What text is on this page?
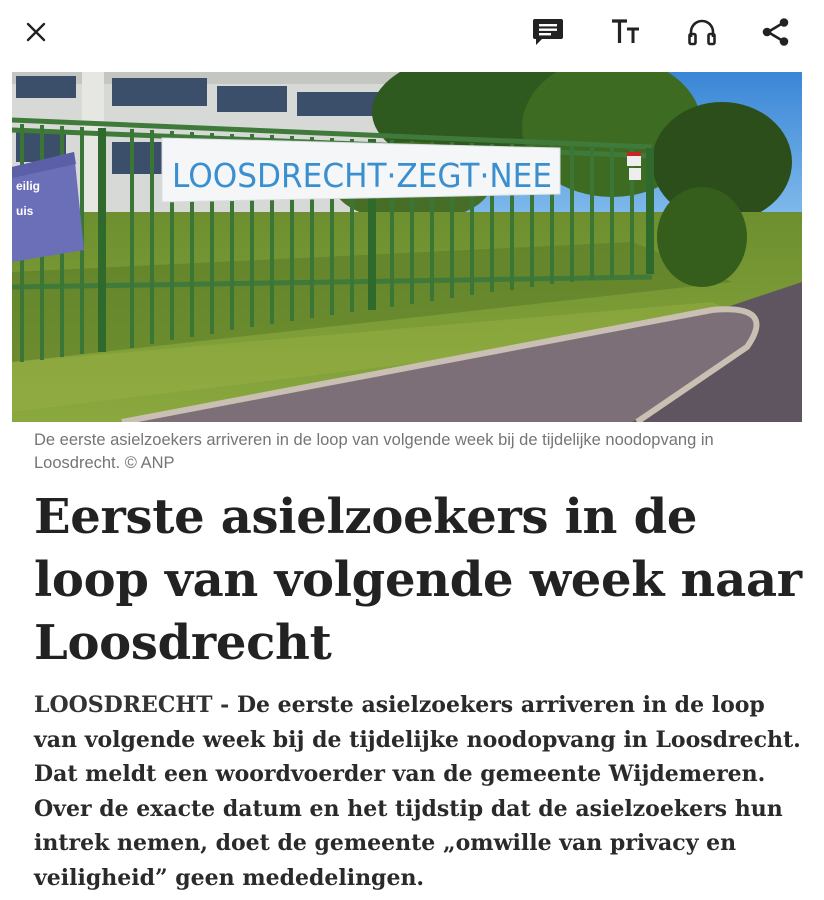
eilig
uis
LOOSDRECHT·ZEGT·NEE

De eerste asielzoekers arriveren in de loop van volgende week bij de tijdelijke noodopvang in Loosdrecht. © ANP

Eerste asielzoekers in de loop van volgende week naar Loosdrecht

LOOSDRECHT - De eerste asielzoekers arriveren in de loop van volgende week bij de tijdelijke noodopvang in Loosdrecht. Dat meldt een woordvoerder van de gemeente Wijdemeren. Over de exacte datum en het tijdstip dat de asielzoekers hun intrek nemen, doet de gemeente „omwille van privacy en veiligheid” geen mededelingen.
